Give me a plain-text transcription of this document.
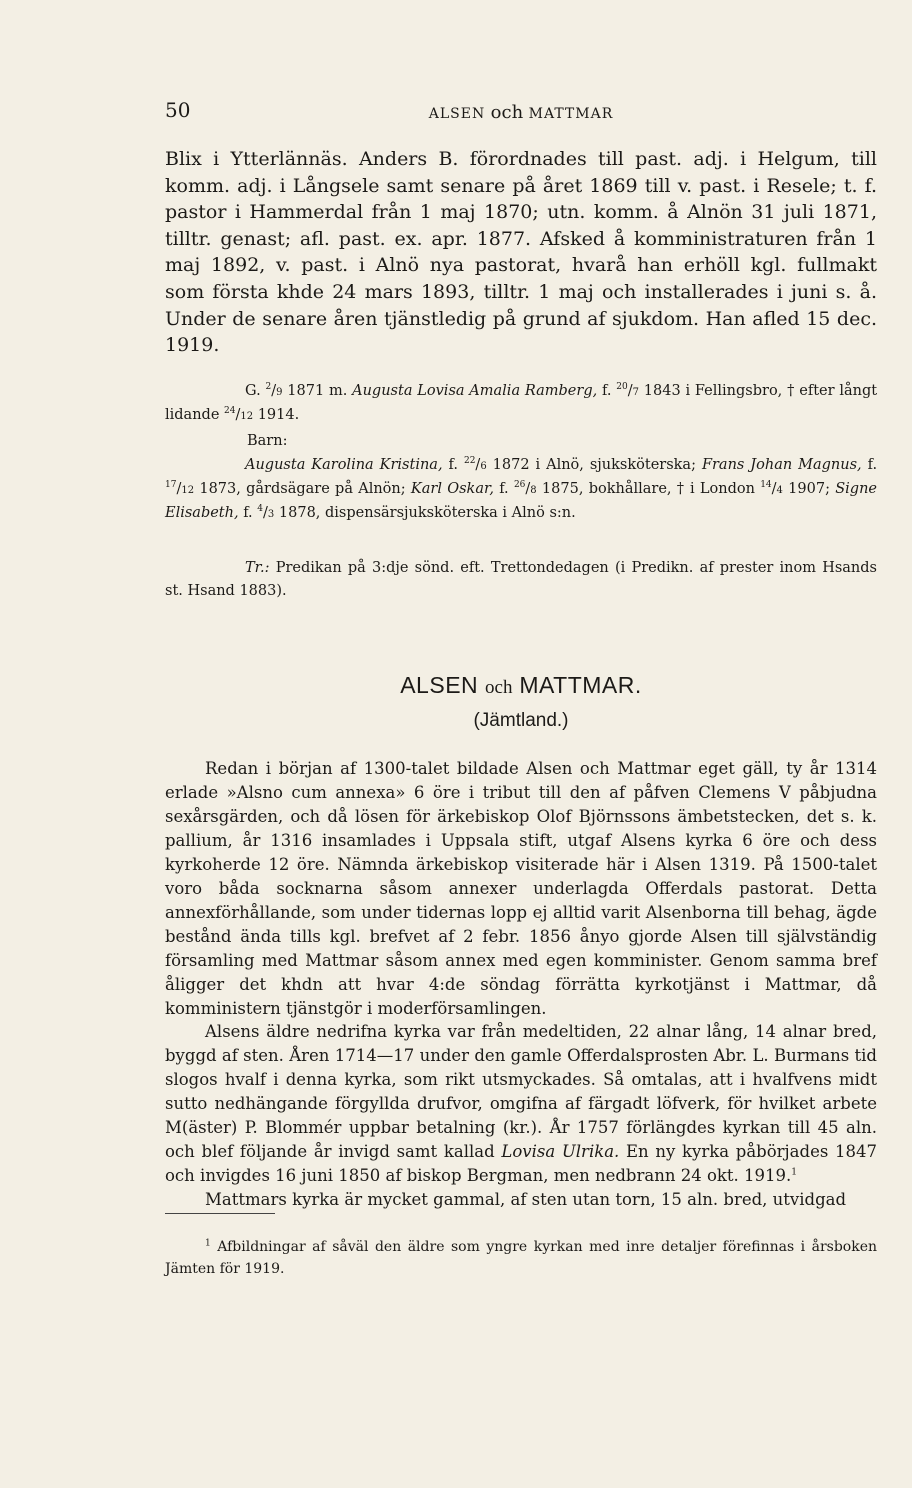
50	ALSEN och MATTMAR
Blix i Ytterlännäs. Anders B. förordnades till past. adj. i Helgum, till
komm. adj. i Långsele samt senare på året 1869 till v. past. i Resele; t. f.
pastor i Hammerdal från 1 maj 1870; utn. komm. å Alnön 31 juli 1871,
tilltr. genast; afl. past. ex. apr. 1877. Afsked å komministraturen från 1
maj 1892, v. past. i Alnö nya pastorat, hvarå han erhöll kgl. fullmakt
som första khde 24 mars 1893, tilltr. 1 maj och installerades i juni s. å.
Under de senare åren tjänstledig på grund af sjukdom. Han afled 15 dec.
1919.
G. $^2$/9 1871 m. Augusta Lovisa Amalia Ramberg, f. $^{20}$/7 1843 i Fellingsbro, † efter långt lidande $^{24}$/12 1914.
Barn:
Augusta Karolina Kristina, f. $^{22}$/6 1872 i Alnö, sjuksköterska; Frans Johan Magnus, f. $^{17}$/12 1873, gårdsägare på Alnön; Karl Oskar, f. $^{26}$/8 1875, bokhållare, † i London $^{14}$/4 1907; Signe Elisabeth, f. $^4$/3 1878, dispensärsjuksköterska i Alnö s:n.
Tr.: Predikan på 3:dje sönd. eft. Trettondedagen (i Predikn. af prester inom Hsands st. Hsand 1883).
ALSEN och MATTMAR.
(Jämtland.)
Redan i början af 1300-talet bildade Alsen och Mattmar eget gäll, ty år 1314 erlade »Alsno cum annexa» 6 öre i tribut till den af påfven Clemens V påbjudna sexårsgärden, och då lösen för ärkebiskop Olof Björnssons ämbetstecken, det s. k. pallium, år 1316 insamlades i Uppsala stift, utgaf Alsens kyrka 6 öre och dess kyrkoherde 12 öre. Nämnda ärkebiskop visiterade här i Alsen 1319. På 1500-talet voro båda socknarna såsom annexer underlagda Offerdals pastorat. Detta annexförhållande, som under tidernas lopp ej alltid varit Alsenborna till behag, ägde bestånd ända tills kgl. brefvet af 2 febr. 1856 ånyo gjorde Alsen till självständig församling med Mattmar såsom annex med egen komminister. Genom samma bref åligger det khdn att hvar 4:de söndag förrätta kyrkotjänst i Mattmar, då komministern tjänstgör i moderförsamlingen.
Alsens äldre nedrifna kyrka var från medeltiden, 22 alnar lång, 14 alnar bred, byggd af sten. Åren 1714—17 under den gamle Offerdalsprosten Abr. L. Burmans tid slogos hvalf i denna kyrka, som rikt utsmyckades. Så omtalas, att i hvalfvens midt sutto nedhängande förgyllda drufvor, omgifna af färgadt löfverk, för hvilket arbete M(äster) P. Blommér uppbar betalning (kr.). År 1757 förlängdes kyrkan till 45 aln. och blef följande år invigd samt kallad Lovisa Ulrika. En ny kyrka påbörjades 1847 och invigdes 16 juni 1850 af biskop Bergman, men nedbrann 24 okt. 1919.$^1$
Mattmars kyrka är mycket gammal, af sten utan torn, 15 aln. bred, utvidgad
$^1$ Afbildningar af såväl den äldre som yngre kyrkan med inre detaljer förefinnas i årsboken Jämten för 1919.
